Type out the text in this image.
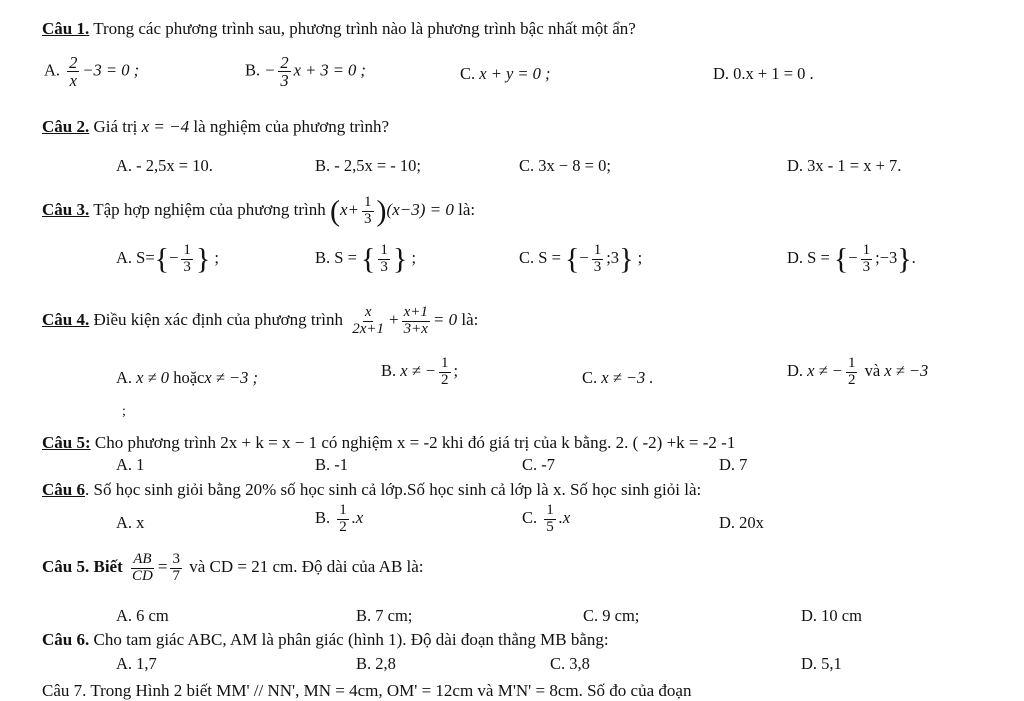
Câu 1. Trong các phương trình sau, phương trình nào là phương trình bậc nhất một ẩn?
A. $\frac{2}{x} -3 = 0$ ;	B. − $\frac{2}{3}$ x + 3 = 0 ;	C. x + y = 0 ;	D. 0.x + 1 = 0 .
Câu 2. Giá trị x = −4 là nghiệm của phương trình?
A. - 2,5x = 10.	B. - 2,5x = - 10;	C. 3x − 8 = 0;	D. 3x - 1 = x + 7.
Câu 3. Tập hợp nghiệm của phương trình $(x+ \frac{1}{3} )(x-3) = 0$ là:
A. $S=\{- \frac{1}{3}$ } ;	B. S = { $\frac{1}{3}$ } ;	C. S = {− $\frac{1}{3}$ ;3} ;	D. S = {− $\frac{1}{3}$ ;−3}.
Câu 4. Điều kiện xác định của phương trình $\frac{x}{2x+1} + \frac{x+1}{3+x} = 0$ là:
A. x ≠ 0 hoặcx ≠ −3 ;	B. x ≠ − $\frac{1}{2}$ ;	C. x ≠ −3 .	D. x ≠ − $\frac{1}{2}$ và x ≠ −3
;
Câu 5: Cho phương trình 2x + k = x − 1 có nghiệm x = -2 khi đó giá trị của k bằng. 2. ( -2) +k = -2 -1
A. 1	B. -1	C. -7	D. 7
Câu 6. Số học sinh giỏi bằng 20% số học sinh cả lớp.Số học sinh cả lớp là x. Số học sinh giỏi là:
A. x	B. $\frac{1}{2} .x$	C. $\frac{1}{5} .x$	D. 20x
Câu 5. Biết $\frac{AB}{CD} = \frac{3}{7}$ và CD = 21 cm. Độ dài của AB là:
A. 6 cm	B. 7 cm;	C. 9 cm;	D. 10 cm
Câu 6. Cho tam giác ABC, AM là phân giác (hình 1). Độ dài đoạn thẳng MB bằng:
A. 1,7	B. 2,8	C. 3,8	D. 5,1
Câu 7. Trong Hình 2 biết MM' // NN', MN = 4cm, OM' = 12cm và M'N' = 8cm. Số đo của đoạn
